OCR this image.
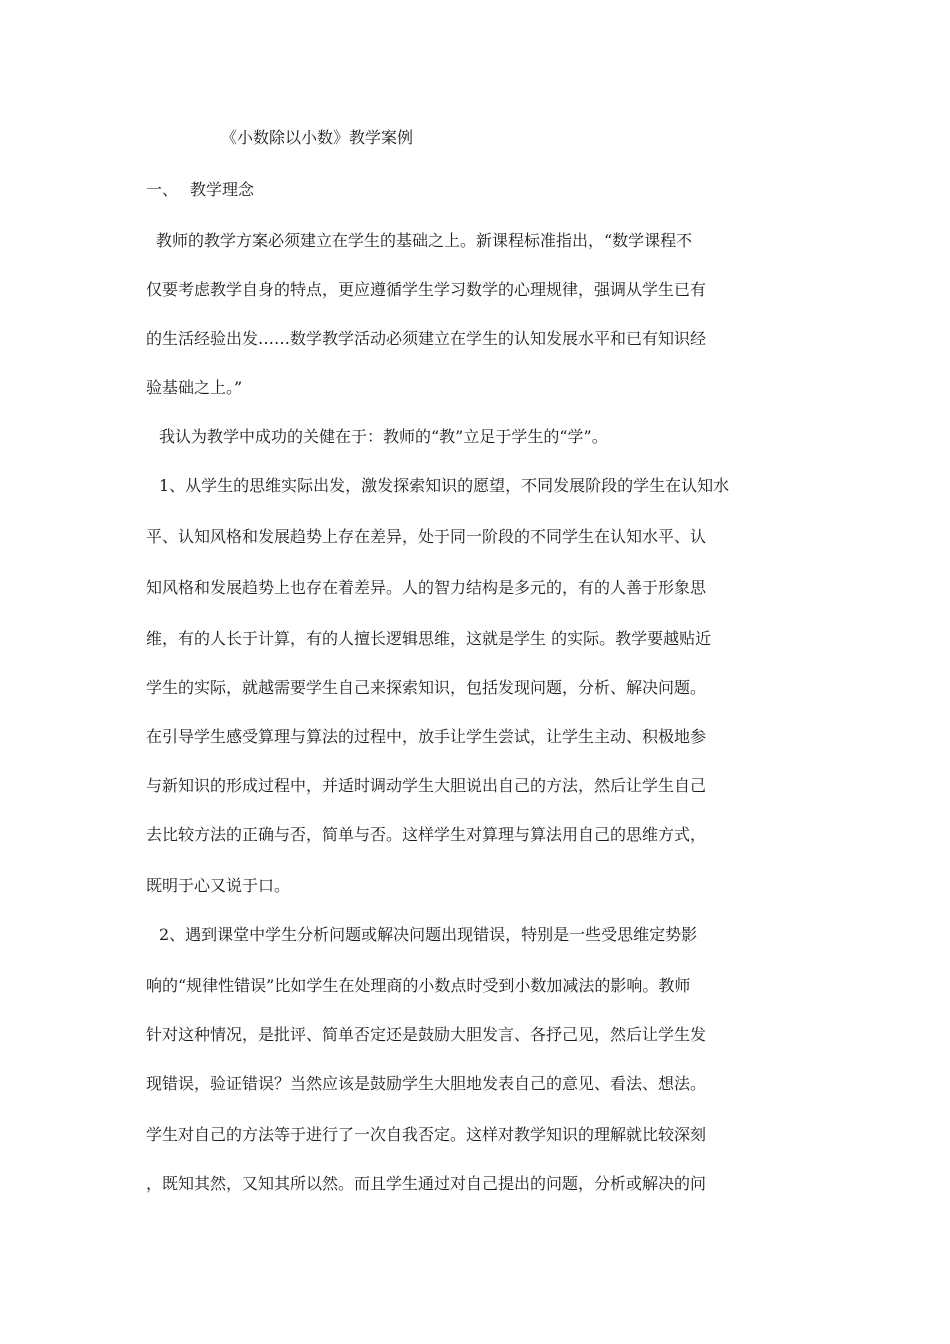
《小数除以小数》教学案例
一、 教学理念

教师的教学方案必须建立在学生的基础之上。新课程标准指出，“数学课程不

仅要考虑教学自身的特点，更应遵循学生学习数学的心理规律，强调从学生已有

的生活经验出发……数学教学活动必须建立在学生的认知发展水平和已有知识经

验基础之上。”

我认为教学中成功的关健在于：教师的“教”立足于学生的“学”。

1、从学生的思维实际出发，激发探索知识的愿望，不同发展阶段的学生在认知水

平、认知风格和发展趋势上存在差异，处于同一阶段的不同学生在认知水平、认

知风格和发展趋势上也存在着差异。人的智力结构是多元的，有的人善于形象思

维，有的人长于计算，有的人擅长逻辑思维，这就是学生 的实际。教学要越贴近

学生的实际，就越需要学生自己来探索知识，包括发现问题，分析、解决问题。

在引导学生感受算理与算法的过程中，放手让学生尝试，让学生主动、积极地参

与新知识的形成过程中，并适时调动学生大胆说出自己的方法，然后让学生自己

去比较方法的正确与否，简单与否。这样学生对算理与算法用自己的思维方式，

既明于心又说于口。

2、遇到课堂中学生分析问题或解决问题出现错误，特别是一些受思维定势影

响的“规律性错误”比如学生在处理商的小数点时受到小数加减法的影响。教师

针对这种情况，是批评、简单否定还是鼓励大胆发言、各抒己见，然后让学生发

现错误，验证错误？当然应该是鼓励学生大胆地发表自己的意见、看法、想法。

学生对自己的方法等于进行了一次自我否定。这样对教学知识的理解就比较深刻

，既知其然，又知其所以然。而且学生通过对自己提出的问题，分析或解决的问
